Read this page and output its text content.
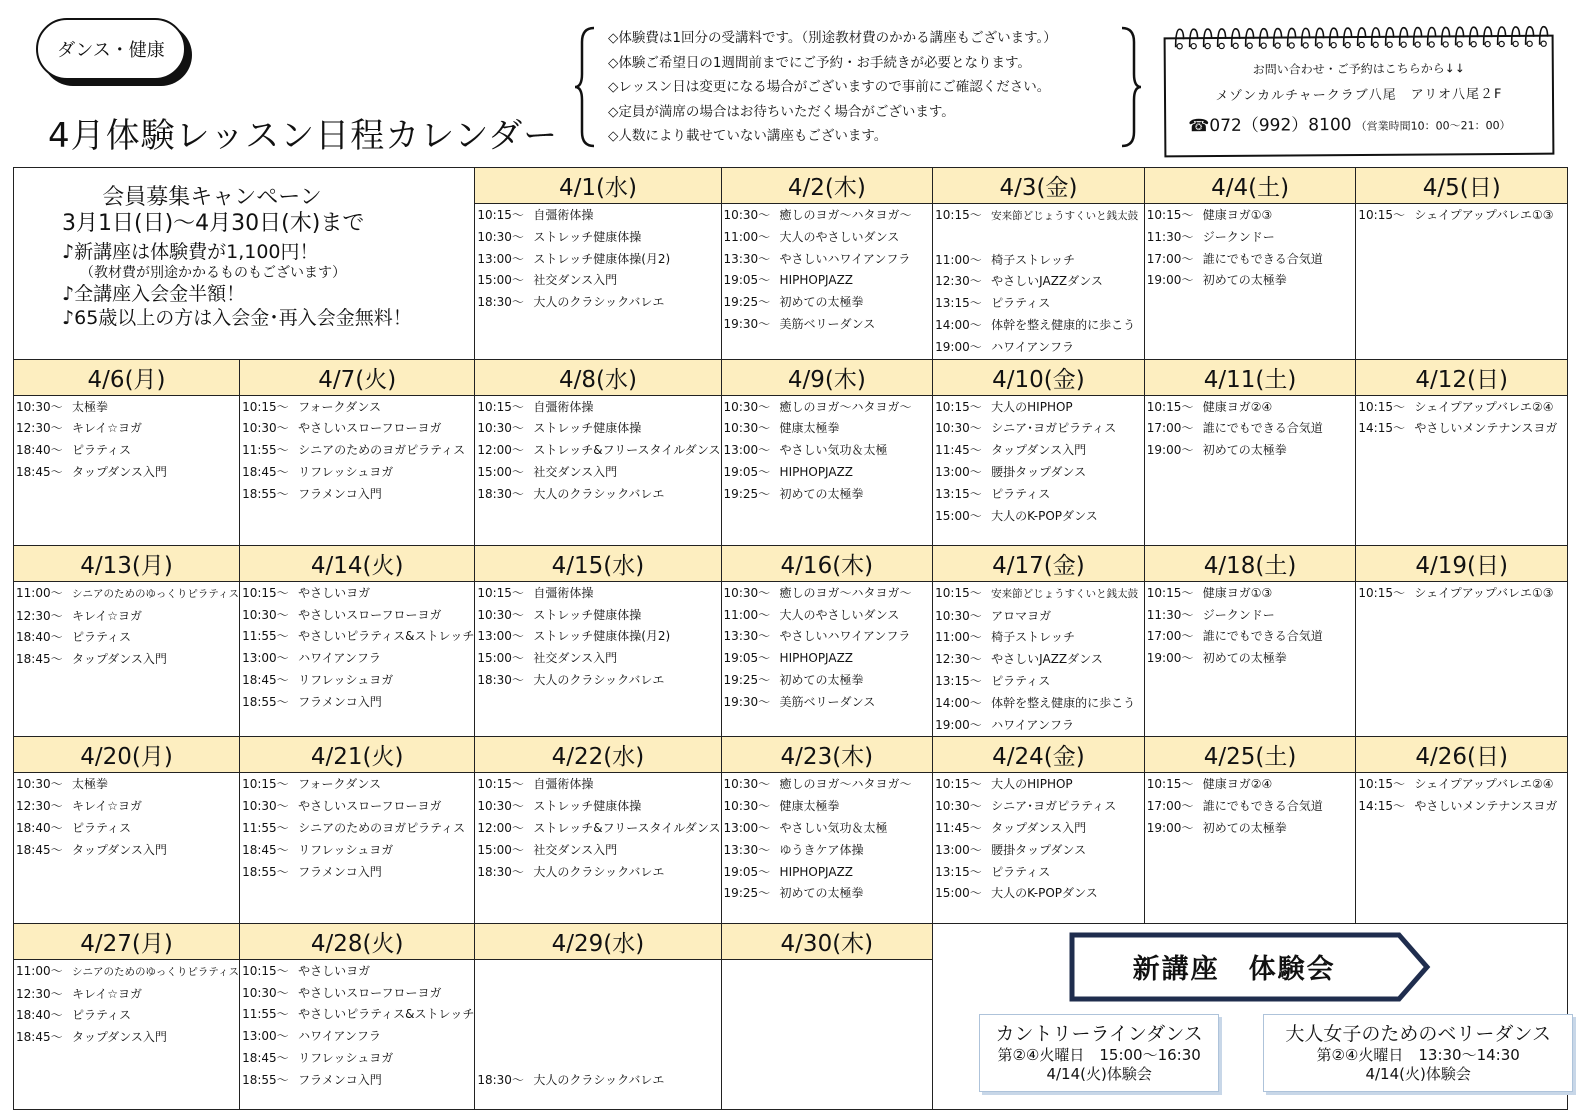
ダンス・健康
4月体験レッスン日程カレンダー
◇体験費は1回分の受講料です。（別途教材費のかかる講座もございます。）
◇体験ご希望日の1週間前までにご予約・お手続きが必要となります。
◇レッスン日は変更になる場合がございますので事前にご確認ください。
◇定員が満席の場合はお待ちいただく場合がございます。
◇人数により載せていない講座もございます。
お問い合わせ・ご予約はこちらから↓↓
メゾンカルチャークラブ八尾　アリオ八尾２F
☎072（992）8100 （営業時間10：00～21：00）
会員募集キャンペーン
3月1日(日)～4月30日(木)まで
♪新講座は体験費が1,100円！
（教材費が別途かかるものもございます）
♪全講座入会金半額！
♪65歳以上の方は入会金･再入会金無料！
4/1(水)
10:15～ 自彊術体操
10:30～ ストレッチ健康体操
13:00～ ストレッチ健康体操(月2)
15:00～ 社交ダンス入門
18:30～ 大人のクラシックバレエ
4/2(木)
10:30～ 癒しのヨガ～ハタヨガ～
11:00～ 大人のやさしいダンス
13:30～ やさしいハワイアンフラ
19:05～ HIPHOPJAZZ
19:25～ 初めての太極拳
19:30～ 美筋ベリーダンス
4/3(金)
10:15～ 安来節どじょうすくいと銭太鼓
11:00～ 椅子ストレッチ
12:30～ やさしいJAZZダンス
13:15～ ピラティス
14:00～ 体幹を整え健康的に歩こう
19:00～ ハワイアンフラ
4/4(土)
10:15～ 健康ヨガ①③
11:30～ ジークンドー
17:00～ 誰にでもできる合気道
19:00～ 初めての太極拳
4/5(日)
10:15～ シェイプアップバレエ①③
4/6(月)
10:30～ 太極拳
12:30～ キレイ☆ヨガ
18:40～ ピラティス
18:45～ タップダンス入門
4/7(火)
10:15～ フォークダンス
10:30～ やさしいスローフローヨガ
11:55～ シニアのためのヨガピラティス
18:45～ リフレッシュヨガ
18:55～ フラメンコ入門
4/8(水)
10:15～ 自彊術体操
10:30～ ストレッチ健康体操
12:00～ ストレッチ&フリースタイルダンス
15:00～ 社交ダンス入門
18:30～ 大人のクラシックバレエ
4/9(木)
10:30～ 癒しのヨガ～ハタヨガ～
10:30～ 健康太極拳
13:00～ やさしい気功＆太極
19:05～ HIPHOPJAZZ
19:25～ 初めての太極拳
4/10(金)
10:15～ 大人のHIPHOP
10:30～ シニア･ヨガピラティス
11:45～ タップダンス入門
13:00～ 腰掛タップダンス
13:15～ ピラティス
15:00～ 大人のK-POPダンス
4/11(土)
10:15～ 健康ヨガ②④
17:00～ 誰にでもできる合気道
19:00～ 初めての太極拳
4/12(日)
10:15～ シェイプアップバレエ②④
14:15～ やさしいメンテナンスヨガ
4/13(月)
11:00～ シニアのためのゆっくりピラティス
12:30～ キレイ☆ヨガ
18:40～ ピラティス
18:45～ タップダンス入門
4/14(火)
10:15～ やさしいヨガ
10:30～ やさしいスローフローヨガ
11:55～ やさしいピラティス&ストレッチ
13:00～ ハワイアンフラ
18:45～ リフレッシュヨガ
18:55～ フラメンコ入門
4/15(水)
10:15～ 自彊術体操
10:30～ ストレッチ健康体操
13:00～ ストレッチ健康体操(月2)
15:00～ 社交ダンス入門
18:30～ 大人のクラシックバレエ
4/16(木)
10:30～ 癒しのヨガ～ハタヨガ～
11:00～ 大人のやさしいダンス
13:30～ やさしいハワイアンフラ
19:05～ HIPHOPJAZZ
19:25～ 初めての太極拳
19:30～ 美筋ベリーダンス
4/17(金)
10:15～ 安来節どじょうすくいと銭太鼓
10:30～ アロマヨガ
11:00～ 椅子ストレッチ
12:30～ やさしいJAZZダンス
13:15～ ピラティス
14:00～ 体幹を整え健康的に歩こう
19:00～ ハワイアンフラ
4/18(土)
10:15～ 健康ヨガ①③
11:30～ ジークンドー
17:00～ 誰にでもできる合気道
19:00～ 初めての太極拳
4/19(日)
10:15～ シェイプアップバレエ①③
4/20(月)
10:30～ 太極拳
12:30～ キレイ☆ヨガ
18:40～ ピラティス
18:45～ タップダンス入門
4/21(火)
10:15～ フォークダンス
10:30～ やさしいスローフローヨガ
11:55～ シニアのためのヨガピラティス
18:45～ リフレッシュヨガ
18:55～ フラメンコ入門
4/22(水)
10:15～ 自彊術体操
10:30～ ストレッチ健康体操
12:00～ ストレッチ&フリースタイルダンス
15:00～ 社交ダンス入門
18:30～ 大人のクラシックバレエ
4/23(木)
10:30～ 癒しのヨガ～ハタヨガ～
10:30～ 健康太極拳
13:00～ やさしい気功＆太極
13:30～ ゆうきケア体操
19:05～ HIPHOPJAZZ
19:25～ 初めての太極拳
4/24(金)
10:15～ 大人のHIPHOP
10:30～ シニア･ヨガピラティス
11:45～ タップダンス入門
13:00～ 腰掛タップダンス
13:15～ ピラティス
15:00～ 大人のK-POPダンス
4/25(土)
10:15～ 健康ヨガ②④
17:00～ 誰にでもできる合気道
19:00～ 初めての太極拳
4/26(日)
10:15～ シェイプアップバレエ②④
14:15～ やさしいメンテナンスヨガ
4/27(月)
11:00～ シニアのためのゆっくりピラティス
12:30～ キレイ☆ヨガ
18:40～ ピラティス
18:45～ タップダンス入門
4/28(火)
10:15～ やさしいヨガ
10:30～ やさしいスローフローヨガ
11:55～ やさしいピラティス&ストレッチ
13:00～ ハワイアンフラ
18:45～ リフレッシュヨガ
18:55～ フラメンコ入門
4/29(水)
18:30～ 大人のクラシックバレエ
4/30(木)
新講座　体験会
カントリーラインダンス
第②④火曜日　15:00～16:30
4/14(火)体験会
大人女子のためのベリーダンス
第②④火曜日　13:30～14:30
4/14(火)体験会
